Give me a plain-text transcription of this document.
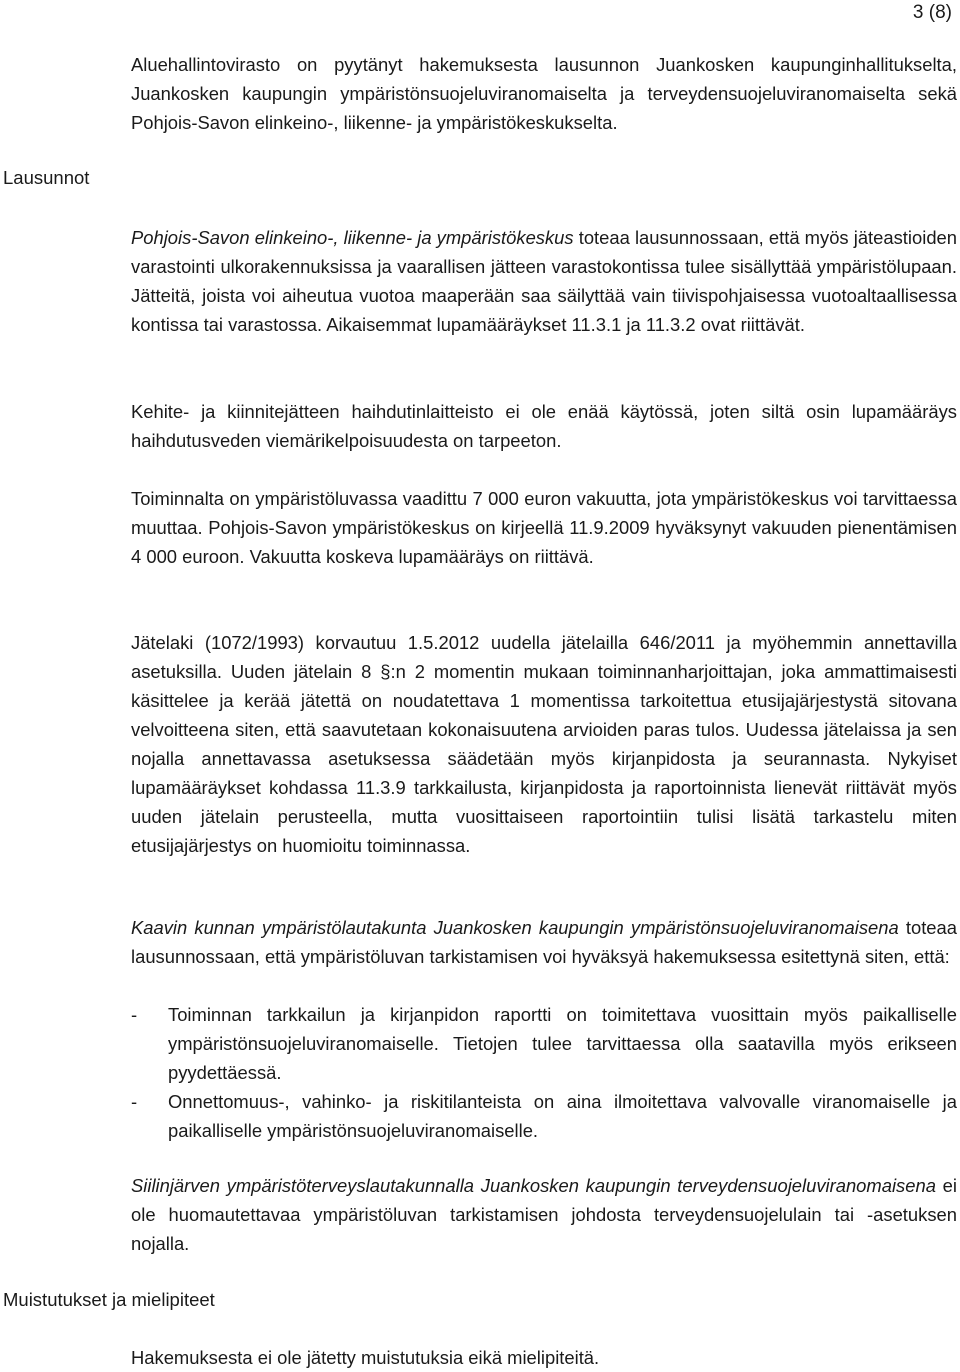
3 (8)

Aluehallintovirasto on pyytänyt hakemuksesta lausunnon Juankosken kaupunginhallitukselta, Juankosken kaupungin ympäristönsuojeluviranomaiselta ja terveydensuojeluviranomaiselta sekä Pohjois-Savon elinkeino-, liikenne- ja ympäristökeskukselta.

Lausunnot

Pohjois-Savon elinkeino-, liikenne- ja ympäristökeskus toteaa lausunnossaan, että myös jäteastioiden varastointi ulkorakennuksissa ja vaarallisen jätteen varastokontissa tulee sisällyttää ympäristölupaan. Jätteitä, joista voi aiheutua vuotoa maaperään saa säilyttää vain tiivispohjaisessa vuotoaltaallisessa kontissa tai varastossa. Aikaisemmat lupamääräykset 11.3.1 ja 11.3.2 ovat riittävät.

Kehite- ja kiinnitejätteen haihdutinlaitteisto ei ole enää käytössä, joten siltä osin lupamääräys haihdutusveden viemärikelpoisuudesta on tarpeeton.

Toiminnalta on ympäristöluvassa vaadittu 7 000 euron vakuutta, jota ympäristökeskus voi tarvittaessa muuttaa. Pohjois-Savon ympäristökeskus on kirjeellä 11.9.2009 hyväksynyt vakuuden pienentämisen 4 000 euroon. Vakuutta koskeva lupamääräys on riittävä.

Jätelaki (1072/1993) korvautuu 1.5.2012 uudella jätelailla 646/2011 ja myöhemmin annettavilla asetuksilla. Uuden jätelain 8 §:n 2 momentin mukaan toiminnanharjoittajan, joka ammattimaisesti käsittelee ja kerää jätettä on noudatettava 1 momentissa tarkoitettua etusijajärjestystä sitovana velvoitteena siten, että saavutetaan kokonaisuutena arvioiden paras tulos. Uudessa jätelaissa ja sen nojalla annettavassa asetuksessa säädetään myös kirjanpidosta ja seurannasta. Nykyiset lupamääräykset kohdassa 11.3.9 tarkkailusta, kirjanpidosta ja raportoinnista lienevät riittävät myös uuden jätelain perusteella, mutta vuosittaiseen raportointiin tulisi lisätä tarkastelu miten etusijajärjestys on huomioitu toiminnassa.

Kaavin kunnan ympäristölautakunta Juankosken kaupungin ympäristönsuojeluviranomaisena toteaa lausunnossaan, että ympäristöluvan tarkistamisen voi hyväksyä hakemuksessa esitettynä siten, että:

- Toiminnan tarkkailun ja kirjanpidon raportti on toimitettava vuosittain myös paikalliselle ympäristönsuojeluviranomaiselle. Tietojen tulee tarvittaessa olla saatavilla myös erikseen pyydettäessä.
- Onnettomuus-, vahinko- ja riskitilanteista on aina ilmoitettava valvovalle viranomaiselle ja paikalliselle ympäristönsuojeluviranomaiselle.

Siilinjärven ympäristöterveyslautakunnalla Juankosken kaupungin terveydensuojeluviranomaisena ei ole huomautettavaa ympäristöluvan tarkistamisen johdosta terveydensuojelulain tai -asetuksen nojalla.

Muistutukset ja mielipiteet

Hakemuksesta ei ole jätetty muistutuksia eikä mielipiteitä.
